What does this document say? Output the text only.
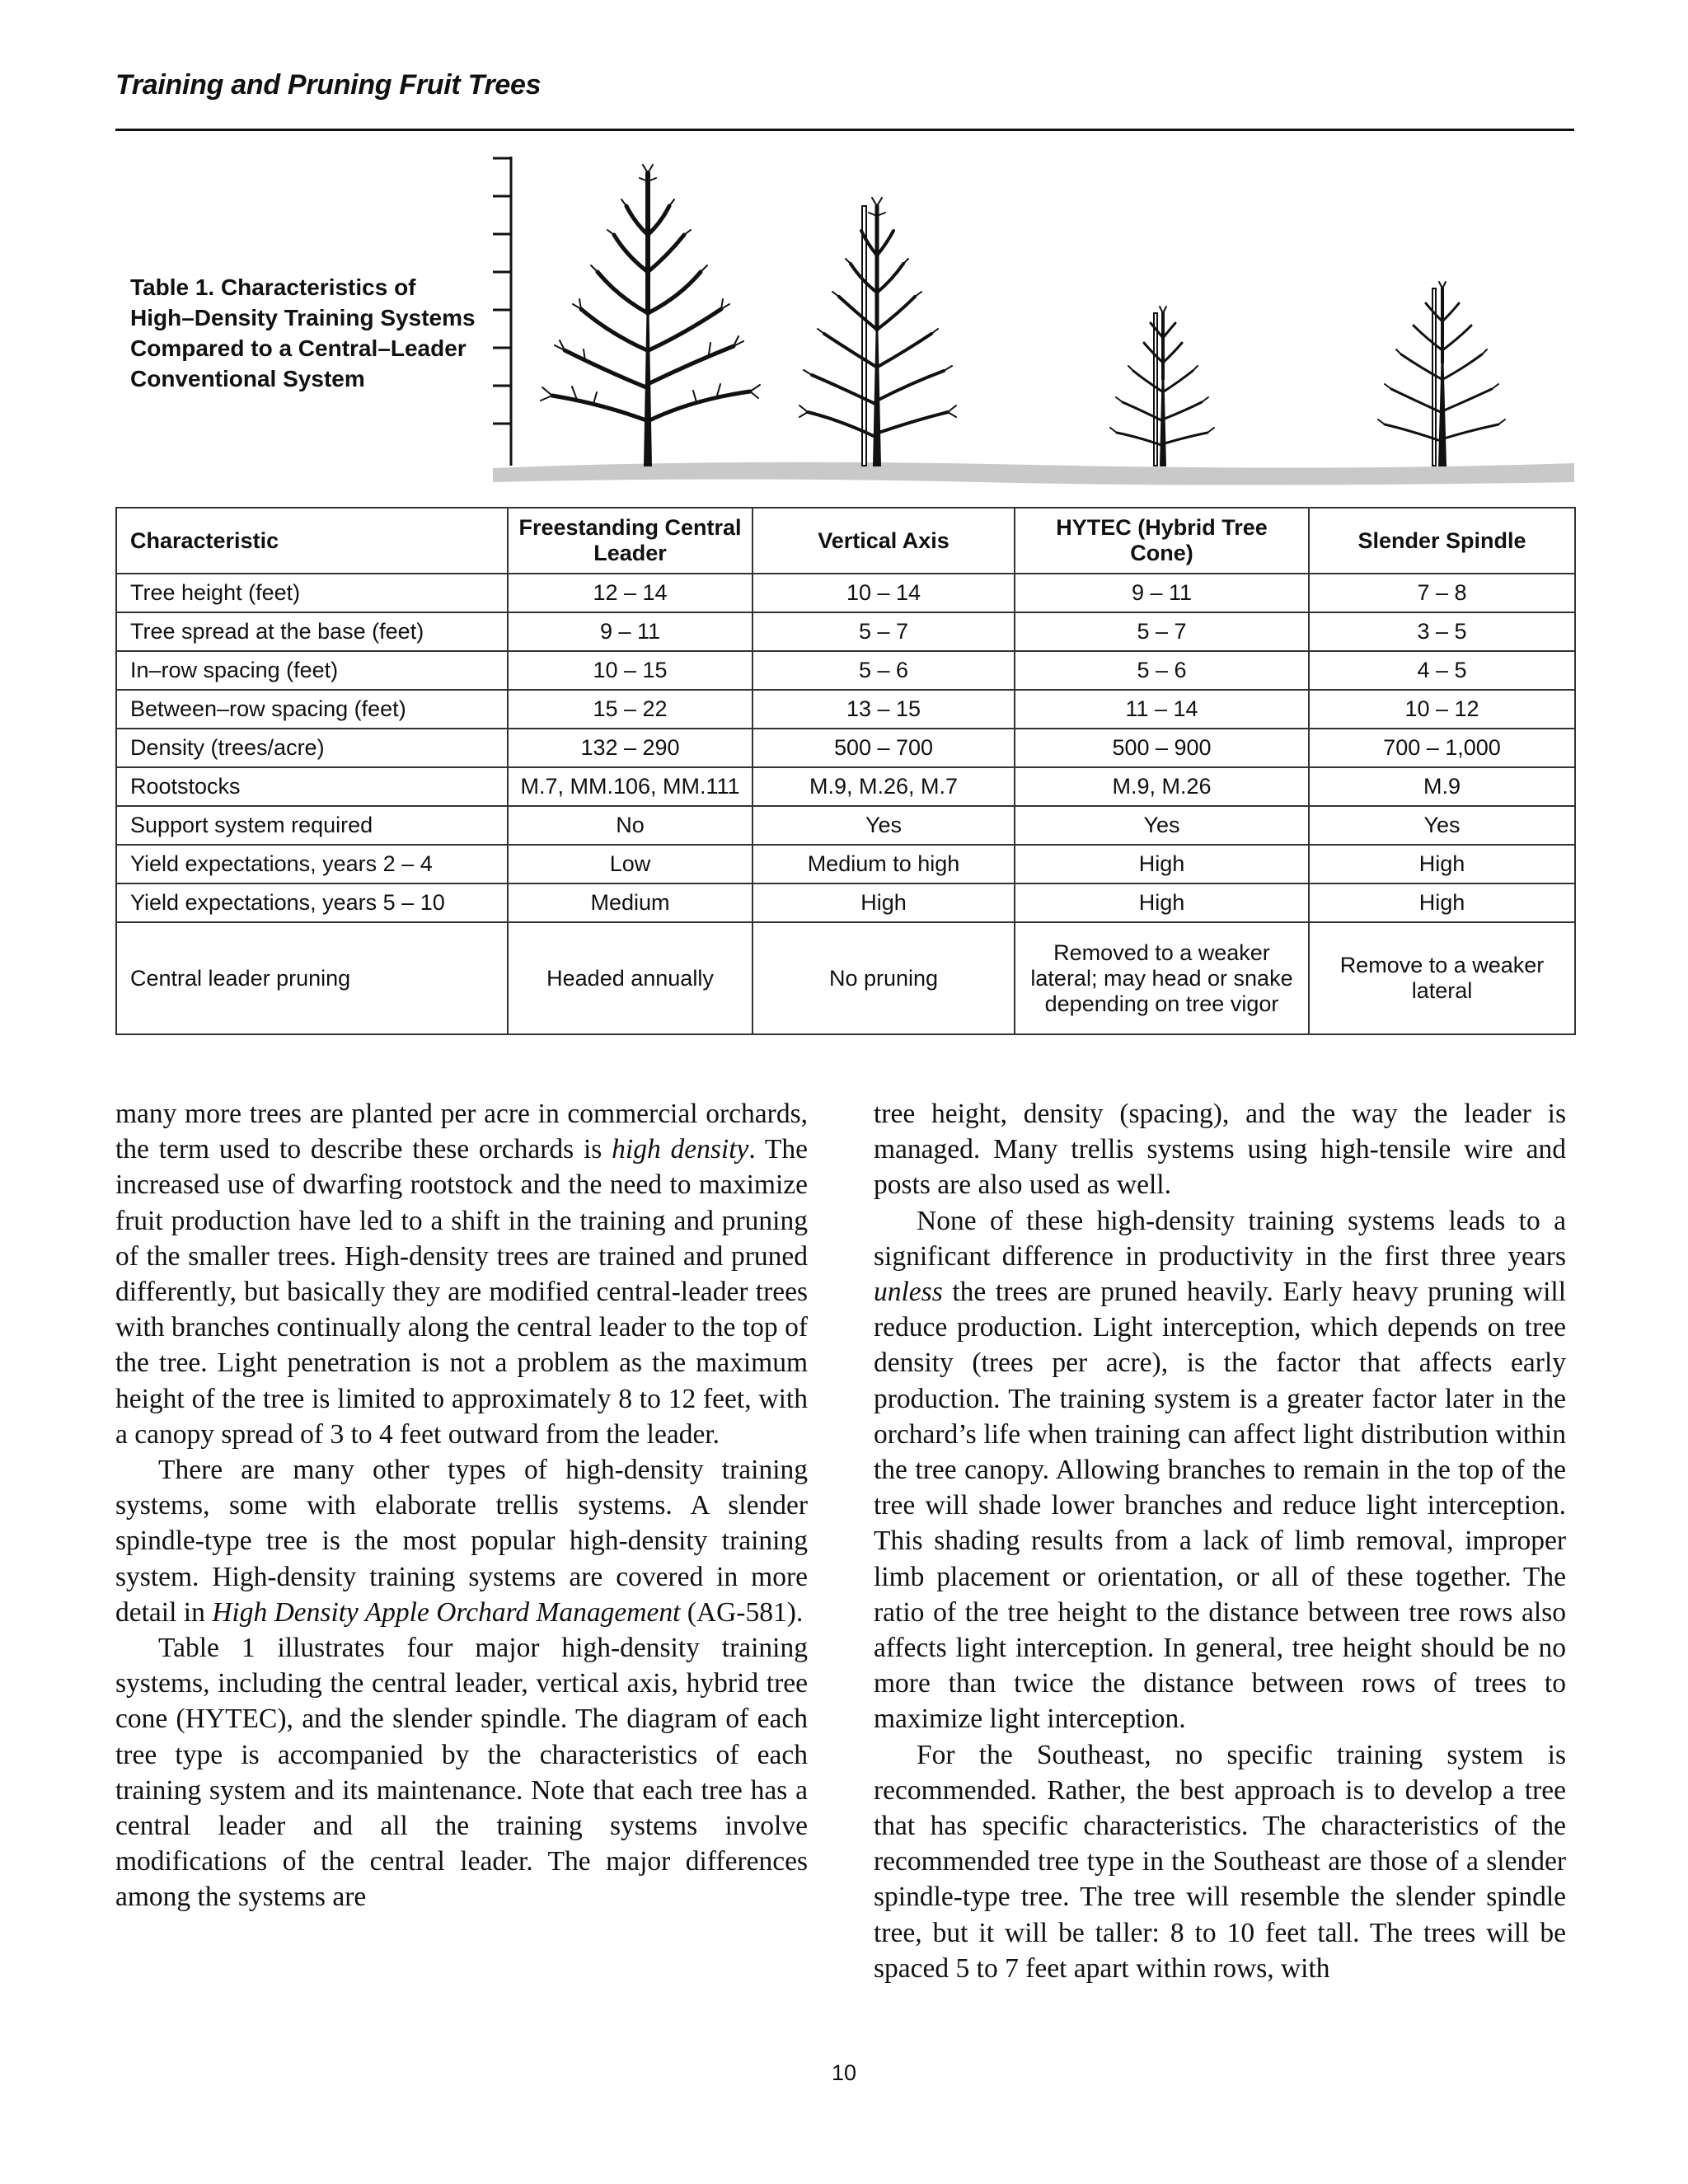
Training and Pruning Fruit Trees
Table 1. Characteristics of High–Density Training Systems Compared to a Central–Leader Conventional System
Characteristic	Freestanding Central Leader	Vertical Axis	HYTEC (Hybrid Tree Cone)	Slender Spindle
Tree height (feet)	12 – 14	10 – 14	9 – 11	7 – 8
Tree spread at the base (feet)	9 – 11	5 – 7	5 – 7	3 – 5
In–row spacing (feet)	10 – 15	5 – 6	5 – 6	4 – 5
Between–row spacing (feet)	15 – 22	13 – 15	11 – 14	10 – 12
Density (trees/acre)	132 – 290	500 – 700	500 – 900	700 – 1,000
Rootstocks	M.7, MM.106, MM.111	M.9, M.26, M.7	M.9, M.26	M.9
Support system required	No	Yes	Yes	Yes
Yield expectations, years 2 – 4	Low	Medium to high	High	High
Yield expectations, years 5 – 10	Medium	High	High	High
Central leader pruning	Headed annually	No pruning	Removed to a weaker lateral; may head or snake depending on tree vigor	Remove to a weaker lateral

many more trees are planted per acre in commercial orchards, the term used to describe these orchards is high density. The increased use of dwarfing rootstock and the need to maximize fruit production have led to a shift in the training and pruning of the smaller trees. High-density trees are trained and pruned differently, but basically they are modified central-leader trees with branches continually along the central leader to the top of the tree. Light penetration is not a problem as the maximum height of the tree is limited to approximately 8 to 12 feet, with a canopy spread of 3 to 4 feet outward from the leader.

There are many other types of high-density training systems, some with elaborate trellis systems. A slender spindle-type tree is the most popular high-density training system. High-density training systems are covered in more detail in High Density Apple Orchard Management (AG-581).

Table 1 illustrates four major high-density training systems, including the central leader, vertical axis, hybrid tree cone (HYTEC), and the slender spindle. The diagram of each tree type is accompanied by the characteristics of each training system and its maintenance. Note that each tree has a central leader and all the training systems involve modifications of the central leader. The major differences among the systems are

tree height, density (spacing), and the way the leader is managed. Many trellis systems using high-tensile wire and posts are also used as well.

None of these high-density training systems leads to a significant difference in productivity in the first three years unless the trees are pruned heavily. Early heavy pruning will reduce production. Light interception, which depends on tree density (trees per acre), is the factor that affects early production. The training system is a greater factor later in the orchard’s life when training can affect light distribution within the tree canopy. Allowing branches to remain in the top of the tree will shade lower branches and reduce light interception. This shading results from a lack of limb removal, improper limb placement or orientation, or all of these together. The ratio of the tree height to the distance between tree rows also affects light interception. In general, tree height should be no more than twice the distance between rows of trees to maximize light interception.

For the Southeast, no specific training system is recommended. Rather, the best approach is to develop a tree that has specific characteristics. The characteristics of the recommended tree type in the Southeast are those of a slender spindle-type tree. The tree will resemble the slender spindle tree, but it will be taller: 8 to 10 feet tall. The trees will be spaced 5 to 7 feet apart within rows, with

10
